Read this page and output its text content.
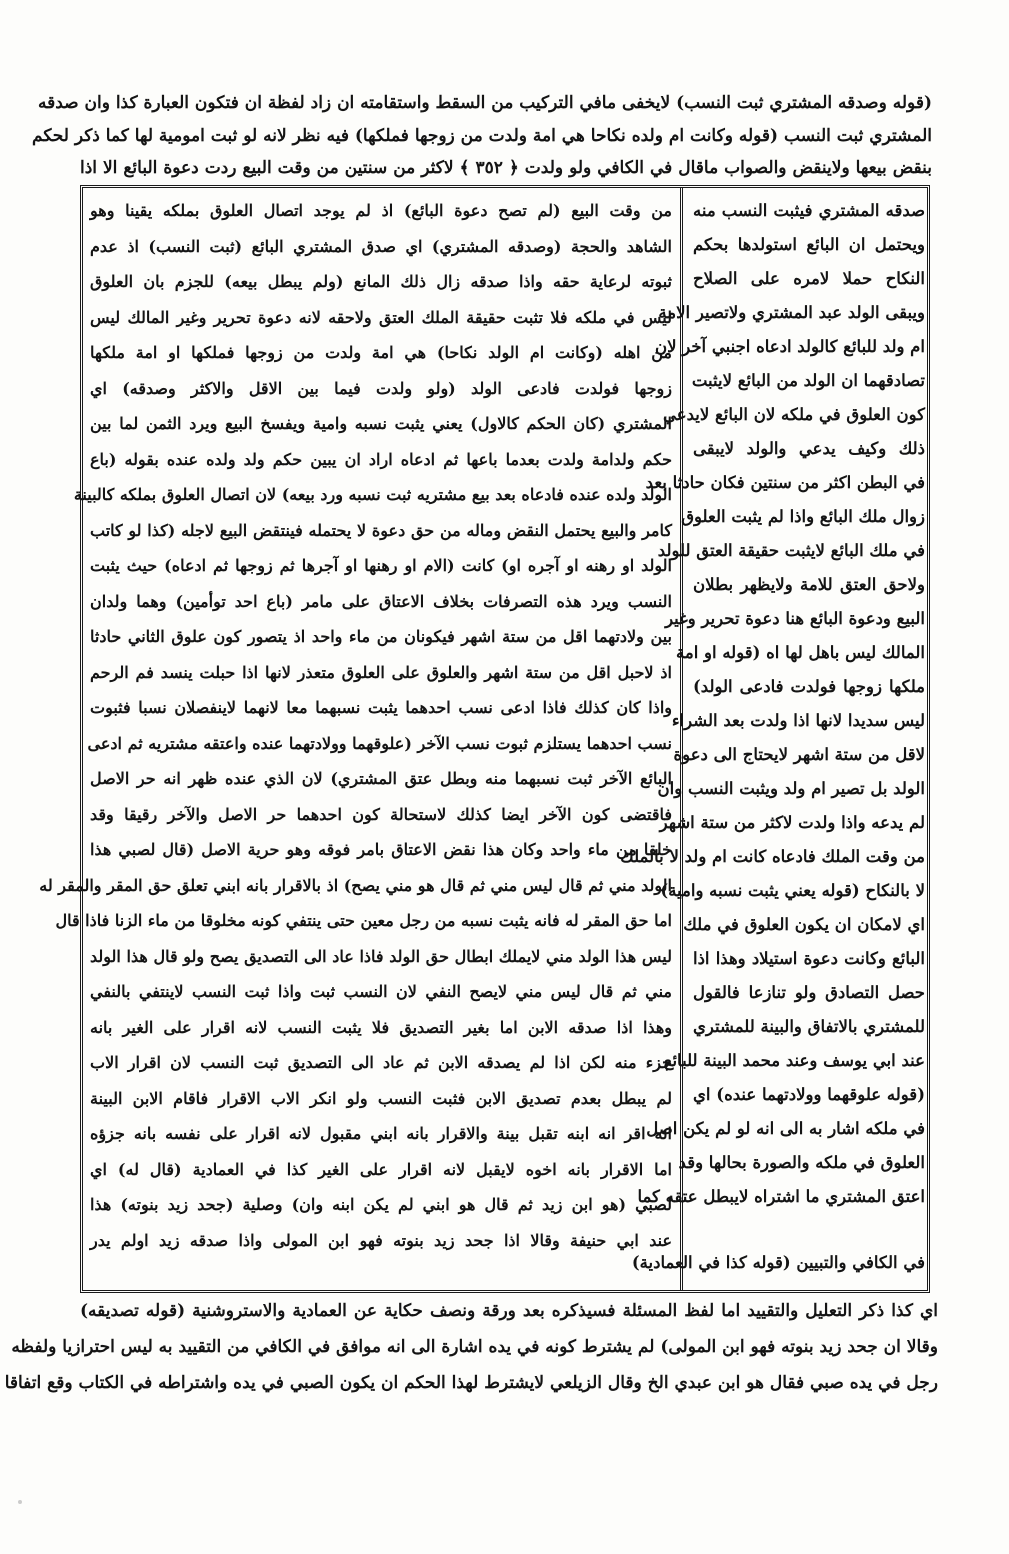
(قوله وصدقه المشتري ثبت النسب) لايخفى مافي التركيب من السقط واستقامته ان زاد لفظة ان فتكون العبارة كذا وان صدقه
المشتري ثبت النسب (قوله وكانت ام ولده نكاحا هي امة ولدت من زوجها فملكها) فيه نظر لانه لو ثبت امومية لها كما ذكر لحكم
بنقض بيعها ولاينقض والصواب ماقال في الكافي ولو ولدت ﴿ ٣٥٢ ﴾ لاكثر من سنتين من وقت البيع ردت دعوة البائع الا اذا
من وقت البيع (لم تصح دعوة البائع) اذ لم يوجد اتصال العلوق بملكه يقينا وهو
الشاهد والحجة (وصدقه المشتري) اي صدق المشتري البائع (ثبت النسب) اذ عدم
ثبوته لرعاية حقه واذا صدقه زال ذلك المانع (ولم يبطل بيعه) للجزم بان العلوق
ليس في ملكه فلا تثبت حقيقة الملك العتق ولاحقه لانه دعوة تحرير وغير المالك ليس
من اهله (وكانت ام الولد نكاحا) هي امة ولدت من زوجها فملكها او امة ملكها
زوجها فولدت فادعى الولد (ولو ولدت فيما بين الاقل والاكثر وصدقه) اي
المشتري (كان الحكم كالاول) يعني يثبت نسبه وامية ويفسخ البيع ويرد الثمن لما بين
حكم ولدامة ولدت بعدما باعها ثم ادعاه اراد ان يبين حكم ولد ولده عنده بقوله (باع
الولد ولده عنده فادعاه بعد بيع مشتريه ثبت نسبه ورد بيعه) لان اتصال العلوق بملكه كالبينة
كامر والبيع يحتمل النقض وماله من حق دعوة لا يحتمله فينتقض البيع لاجله (كذا لو كاتب
الولد او رهنه او آجره او) كانت (الام او رهنها او آجرها ثم زوجها ثم ادعاه) حيث يثبت
النسب ويرد هذه التصرفات بخلاف الاعتاق على مامر (باع احد توأمين) وهما ولدان
بين ولادتهما اقل من ستة اشهر فيكونان من ماء واحد اذ يتصور كون علوق الثاني حادثا
اذ لاحبل اقل من ستة اشهر والعلوق على العلوق متعذر لانها اذا حبلت ينسد فم الرحم
واذا كان كذلك فاذا ادعى نسب احدهما يثبت نسبهما معا لانهما لاينفصلان نسبا فثبوت
نسب احدهما يستلزم ثبوت نسب الآخر (علوقهما وولادتهما عنده واعتقه مشتريه ثم ادعى
البائع الآخر ثبت نسبهما منه وبطل عتق المشتري) لان الذي عنده ظهر انه حر الاصل
فاقتضى كون الآخر ايضا كذلك لاستحالة كون احدهما حر الاصل والآخر رقيقا وقد
خلقا من ماء واحد وكان هذا نقض الاعتاق بامر فوقه وهو حرية الاصل (قال لصبي هذا
الولد مني ثم قال ليس مني ثم قال هو مني يصح) اذ بالاقرار بانه ابني تعلق حق المقر والمقر له
اما حق المقر له فانه يثبت نسبه من رجل معين حتى ينتفي كونه مخلوقا من ماء الزنا فاذا قال
ليس هذا الولد مني لايملك ابطال حق الولد فاذا عاد الى التصديق يصح ولو قال هذا الولد
مني ثم قال ليس مني لايصح النفي لان النسب ثبت واذا ثبت النسب لاينتفي بالنفي
وهذا اذا صدقه الابن اما بغير التصديق فلا يثبت النسب لانه اقرار على الغير بانه
جزء منه لكن اذا لم يصدقه الابن ثم عاد الى التصديق ثبت النسب لان اقرار الاب
لم يبطل بعدم تصديق الابن فثبت النسب ولو انكر الاب الاقرار فاقام الابن البينة
انه اقر انه ابنه تقبل بينة والاقرار بانه ابني مقبول لانه اقرار على نفسه بانه جزؤه
اما الاقرار بانه اخوه لايقبل لانه اقرار على الغير كذا في العمادية (قال له) اي
لصبي (هو ابن زيد ثم قال هو ابني لم يكن ابنه وان) وصلية (جحد زيد بنوته) هذا
عند ابي حنيفة وقالا اذا جحد زيد بنوته فهو ابن المولى واذا صدقه زيد اولم يدر
صدقه المشتري فيثبت النسب منه
ويحتمل ان البائع استولدها بحكم
النكاح حملا لامره على الصلاح
ويبقى الولد عبد المشتري ولاتصير الامة
ام ولد للبائع كالولد ادعاه اجنبي آخر لان
تصادقهما ان الولد من البائع لايثبت
كون العلوق في ملكه لان البائع لايدعي
ذلك وكيف يدعي والولد لايبقى
في البطن اكثر من سنتين فكان حادثا بعد
زوال ملك البائع واذا لم يثبت العلوق
في ملك البائع لايثبت حقيقة العتق للولد
ولاحق العتق للامة ولايظهر بطلان
البيع ودعوة البائع هنا دعوة تحرير وغير
المالك ليس باهل لها اه (قوله او امة
ملكها زوجها فولدت فادعى الولد)
ليس سديدا لانها اذا ولدت بعد الشراء
لاقل من ستة اشهر لايحتاج الى دعوة
الولد بل تصير ام ولد ويثبت النسب وان
لم يدعه واذا ولدت لاكثر من ستة اشهر
من وقت الملك فادعاه كانت ام ولد لا بالملك
لا بالنكاح (قوله يعني يثبت نسبه وامية)
اي لامكان ان يكون العلوق في ملك
البائع وكانت دعوة استيلاد وهذا اذا
حصل التصادق ولو تنازعا فالقول
للمشتري بالاتفاق والبينة للمشتري
عند ابي يوسف وعند محمد البينة للبائع
(قوله علوقهما وولادتهما عنده) اي
في ملكه اشار به الى انه لو لم يكن اصل
العلوق في ملكه والصورة بحالها وقد
اعتق المشتري ما اشتراه لايبطل عتقه كما
في الكافي والتبيين (قوله كذا في العمادية)
اي كذا ذكر التعليل والتقييد اما لفظ المسئلة فسيذكره بعد ورقة ونصف حكاية عن العمادية والاستروشنية (قوله تصديقه)
وقالا ان جحد زيد بنوته فهو ابن المولى) لم يشترط كونه في يده اشارة الى انه موافق في الكافي من التقييد به ليس احترازيا ولفظه
رجل في يده صبي فقال هو ابن عبدي الخ وقال الزيلعي لايشترط لهذا الحكم ان يكون الصبي في يده واشتراطه في الكتاب وقع اتفاقا
